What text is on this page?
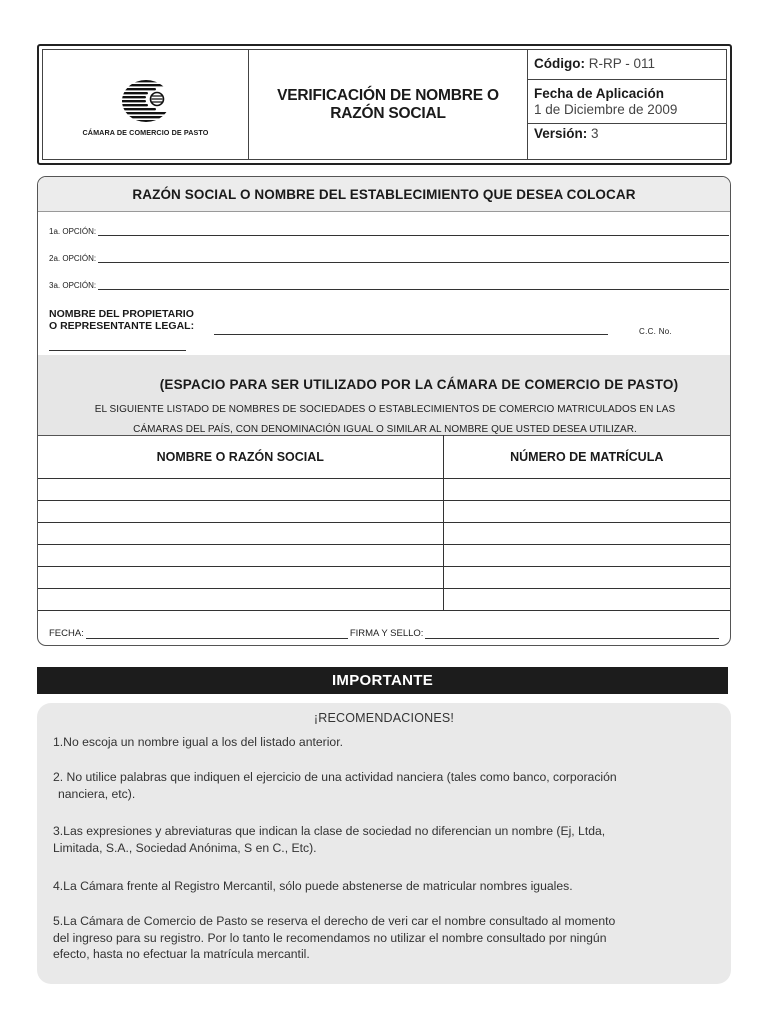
CÁMARA DE COMERCIO DE PASTO
VERIFICACIÓN DE NOMBRE O
RAZÓN SOCIAL
Código: R-RP - 011
Fecha de Aplicación
1 de Diciembre de 2009
Versión: 3
RAZÓN SOCIAL O NOMBRE DEL ESTABLECIMIENTO QUE DESEA COLOCAR
1a. OPCIÓN:
2a. OPCIÓN:
3a. OPCIÓN:
NOMBRE DEL PROPIETARIO
O REPRESENTANTE LEGAL:	C.C. No.
(ESPACIO PARA SER UTILIZADO POR LA CÁMARA DE COMERCIO DE PASTO)
EL SIGUIENTE LISTADO DE NOMBRES DE SOCIEDADES O ESTABLECIMIENTOS DE COMERCIO MATRICULADOS EN LAS
CÁMARAS DEL PAÍS, CON DENOMINACIÓN IGUAL O SIMILAR AL NOMBRE QUE USTED DESEA UTILIZAR.
NOMBRE O RAZÓN SOCIAL	NÚMERO DE MATRÍCULA

FECHA:	FIRMA Y SELLO:
IMPORTANTE
¡RECOMENDACIONES!
1.No escoja un nombre igual a los del listado anterior.
2. No utilice palabras que indiquen el ejercicio de una actividad nanciera (tales como banco, corporación
nanciera, etc).
3.Las expresiones y abreviaturas que indican la clase de sociedad no diferencian un nombre (Ej, Ltda,
Limitada, S.A., Sociedad Anónima, S en C., Etc).
4.La Cámara frente al Registro Mercantil, sólo puede abstenerse de matricular nombres iguales.
5.La Cámara de Comercio de Pasto se reserva el derecho de veri car el nombre consultado al momento
del ingreso para su registro. Por lo tanto le recomendamos no utilizar el nombre consultado por ningún
efecto, hasta no efectuar la matrícula mercantil.
